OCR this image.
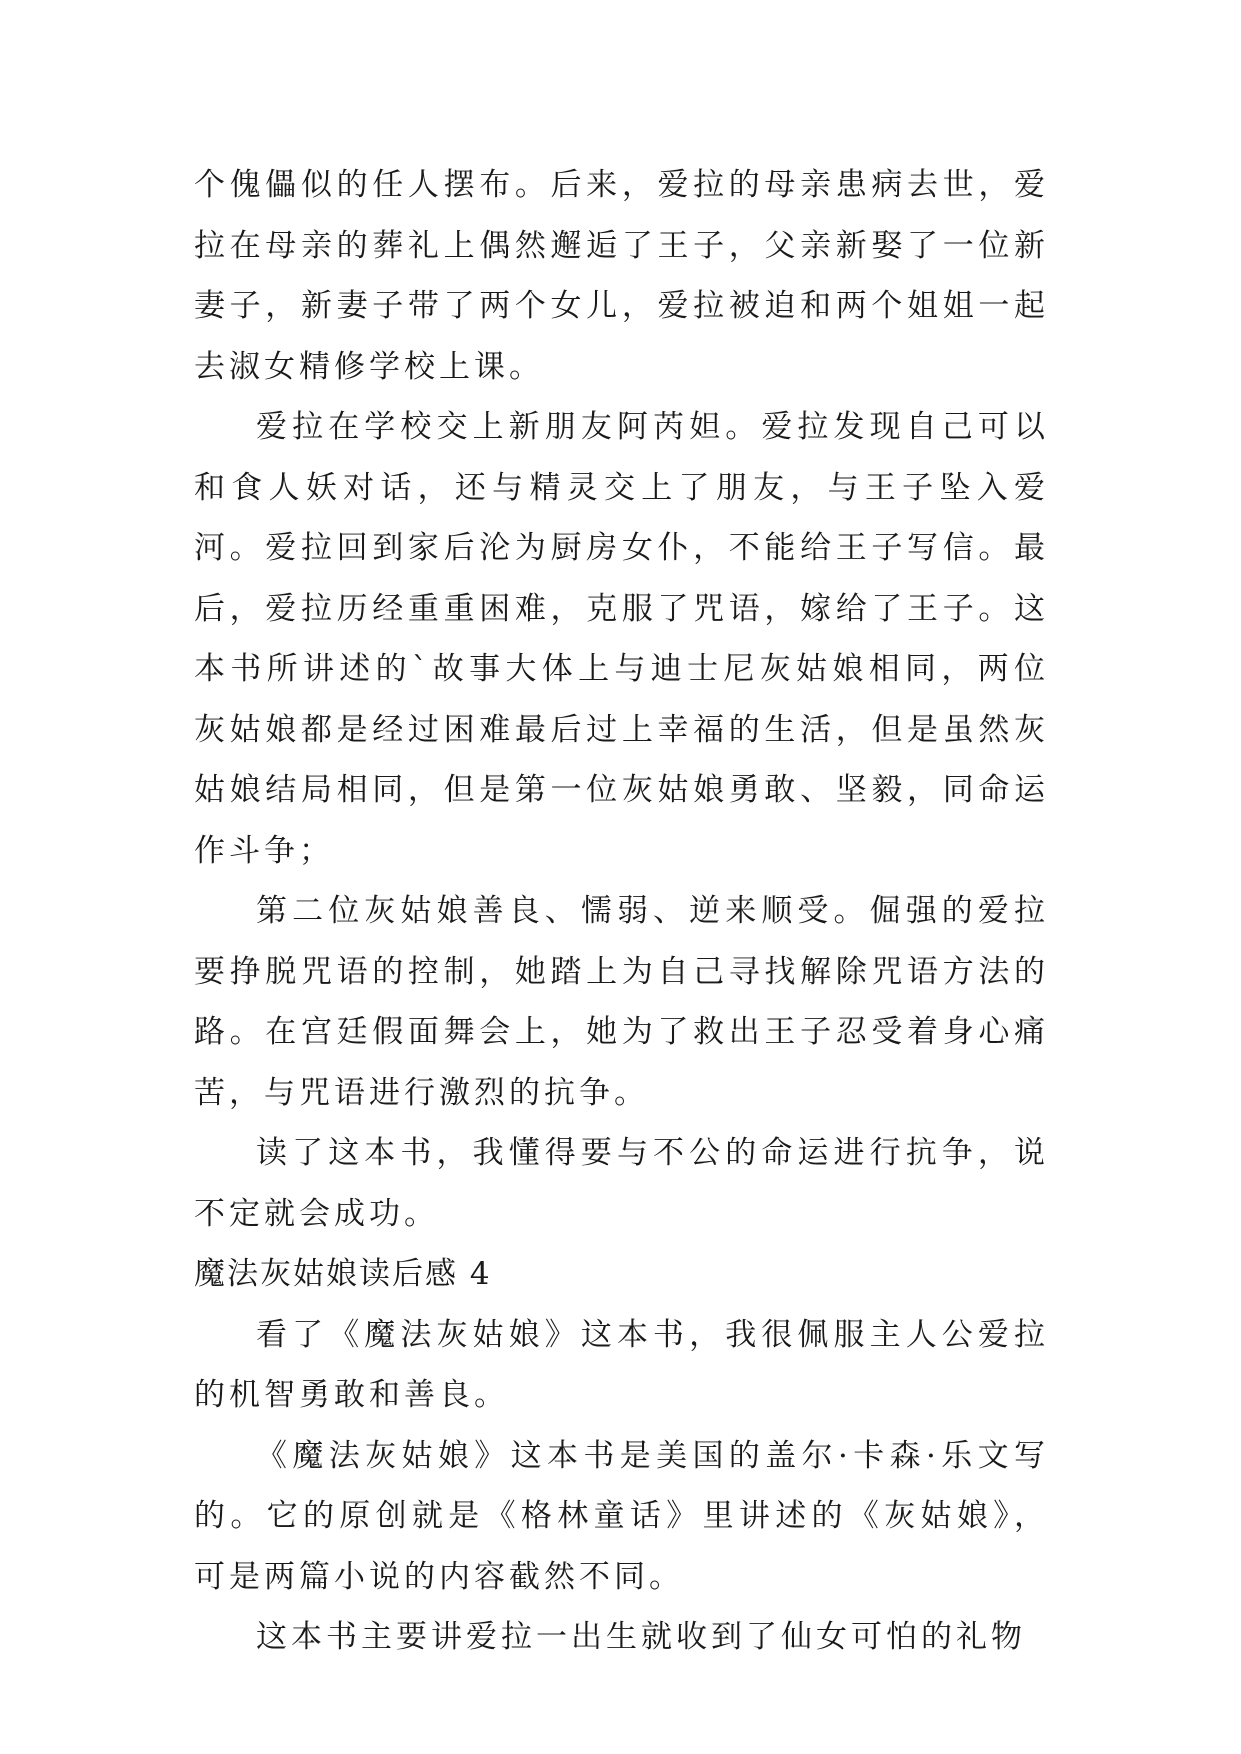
个傀儡似的任人摆布。后来，爱拉的母亲患病去世，爱拉在母亲的葬礼上偶然邂逅了王子，父亲新娶了一位新妻子，新妻子带了两个女儿，爱拉被迫和两个姐姐一起去淑女精修学校上课。

爱拉在学校交上新朋友阿芮妲。爱拉发现自己可以和食人妖对话，还与精灵交上了朋友，与王子坠入爱河。爱拉回到家后沦为厨房女仆，不能给王子写信。最后，爱拉历经重重困难，克服了咒语，嫁给了王子。这本书所讲述的`故事大体上与迪士尼灰姑娘相同，两位灰姑娘都是经过困难最后过上幸福的生活，但是虽然灰姑娘结局相同，但是第一位灰姑娘勇敢、坚毅，同命运作斗争；

第二位灰姑娘善良、懦弱、逆来顺受。倔强的爱拉要挣脱咒语的控制，她踏上为自己寻找解除咒语方法的路。在宫廷假面舞会上，她为了救出王子忍受着身心痛苦，与咒语进行激烈的抗争。

读了这本书，我懂得要与不公的命运进行抗争，说不定就会成功。

魔法灰姑娘读后感 4

看了《魔法灰姑娘》这本书，我很佩服主人公爱拉的机智勇敢和善良。

《魔法灰姑娘》这本书是美国的盖尔·卡森·乐文写的。它的原创就是《格林童话》里讲述的《灰姑娘》，可是两篇小说的内容截然不同。

这本书主要讲爱拉一出生就收到了仙女可怕的礼物
